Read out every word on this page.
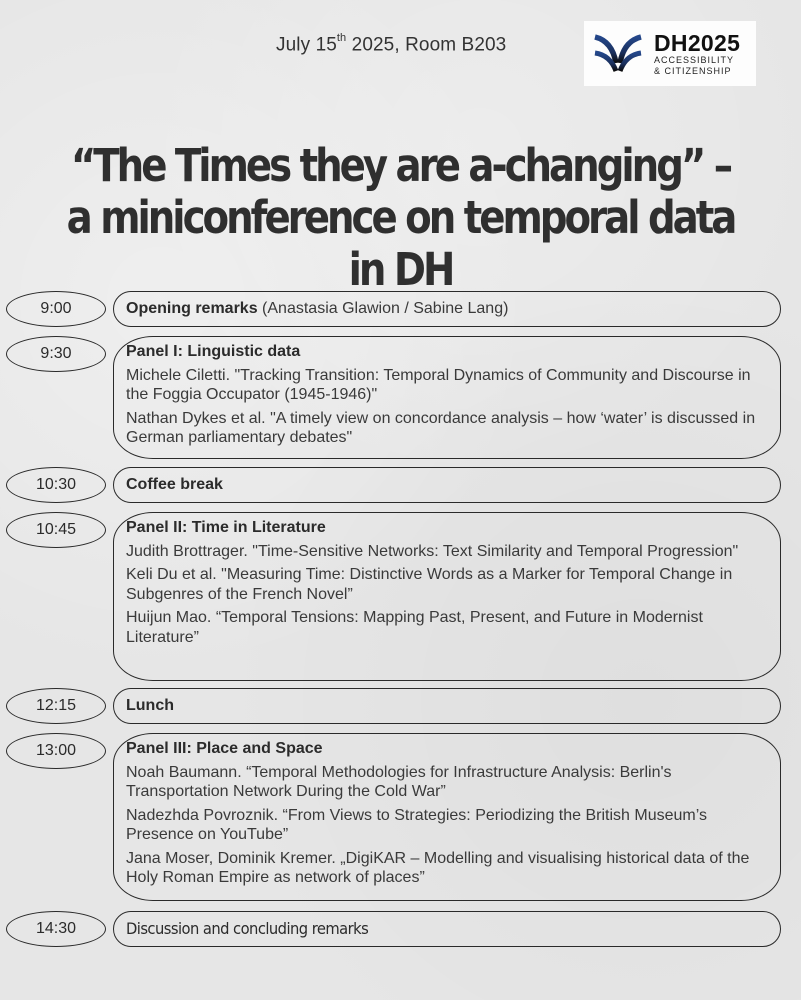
July 15th 2025, Room B203	DH2025
ACCESSIBILITY
& CITIZENSHIP
“The Times they are a-changing” –
a miniconference on temporal data in DH
9:00	Opening remarks (Anastasia Glawion / Sabine Lang)
9:30	Panel I: Linguistic data
Michele Ciletti. "Tracking Transition: Temporal Dynamics of Community and Discourse in the Foggia Occupator (1945-1946)"
Nathan Dykes et al. "A timely view on concordance analysis – how ‘water’ is discussed in German parliamentary debates"
10:30	Coffee break
10:45	Panel II: Time in Literature
Judith Brottrager. "Time-Sensitive Networks: Text Similarity and Temporal Progression"
Keli Du et al. "Measuring Time: Distinctive Words as a Marker for Temporal Change in Subgenres of the French Novel”
Huijun Mao. “Temporal Tensions: Mapping Past, Present, and Future in Modernist Literature”
12:15	Lunch
13:00	Panel III: Place and Space
Noah Baumann. “Temporal Methodologies for Infrastructure Analysis: Berlin's Transportation Network During the Cold War”
Nadezhda Povroznik. “From Views to Strategies: Periodizing the British Museum’s Presence on YouTube”
Jana Moser, Dominik Kremer. „DigiKAR – Modelling and visualising historical data of the Holy Roman Empire as network of places”
14:30	Discussion and concluding remarks
